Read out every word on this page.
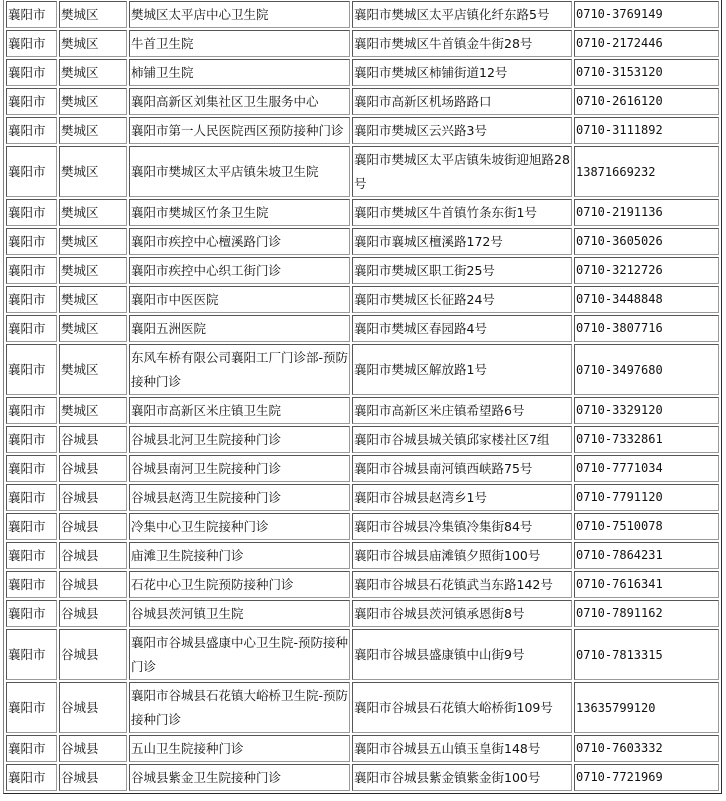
襄阳市	樊城区	樊城区太平店中心卫生院	襄阳市樊城区太平店镇化纤东路5号	0710-3769149
襄阳市	樊城区	牛首卫生院	襄阳市樊城区牛首镇金牛街28号	0710-2172446
襄阳市	樊城区	柿铺卫生院	襄阳市樊城区柿铺街道12号	0710-3153120
襄阳市	樊城区	襄阳高新区刘集社区卫生服务中心	襄阳市高新区机场路路口	0710-2616120
襄阳市	樊城区	襄阳市第一人民医院西区预防接种门诊	襄阳市樊城区云兴路3号	0710-3111892
襄阳市	樊城区	襄阳市樊城区太平店镇朱坡卫生院	襄阳市樊城区太平店镇朱坡街迎旭路28号	13871669232
襄阳市	樊城区	襄阳市樊城区竹条卫生院	襄阳市樊城区牛首镇竹条东街1号	0710-2191136
襄阳市	樊城区	襄阳市疾控中心檀溪路门诊	襄阳市襄城区檀溪路172号	0710-3605026
襄阳市	樊城区	襄阳市疾控中心织工街门诊	襄阳市樊城区职工街25号	0710-3212726
襄阳市	樊城区	襄阳市中医医院	襄阳市樊城区长征路24号	0710-3448848
襄阳市	樊城区	襄阳五洲医院	襄阳市樊城区春园路4号	0710-3807716
襄阳市	樊城区	东风车桥有限公司襄阳工厂门诊部-预防接种门诊	襄阳市樊城区解放路1号	0710-3497680
襄阳市	樊城区	襄阳市高新区米庄镇卫生院	襄阳市高新区米庄镇希望路6号	0710-3329120
襄阳市	谷城县	谷城县北河卫生院接种门诊	襄阳市谷城县城关镇邱家楼社区7组	0710-7332861
襄阳市	谷城县	谷城县南河卫生院接种门诊	襄阳市谷城县南河镇西峡路75号	0710-7771034
襄阳市	谷城县	谷城县赵湾卫生院接种门诊	襄阳市谷城县赵湾乡1号	0710-7791120
襄阳市	谷城县	冷集中心卫生院接种门诊	襄阳市谷城县冷集镇冷集街84号	0710-7510078
襄阳市	谷城县	庙滩卫生院接种门诊	襄阳市谷城县庙滩镇夕照街100号	0710-7864231
襄阳市	谷城县	石花中心卫生院预防接种门诊	襄阳市谷城县石花镇武当东路142号	0710-7616341
襄阳市	谷城县	谷城县茨河镇卫生院	襄阳市谷城县茨河镇承恩街8号	0710-7891162
襄阳市	谷城县	襄阳市谷城县盛康中心卫生院-预防接种门诊	襄阳市谷城县盛康镇中山街9号	0710-7813315
襄阳市	谷城县	襄阳市谷城县石花镇大峪桥卫生院-预防接种门诊	襄阳市谷城县石花镇大峪桥街109号	13635799120
襄阳市	谷城县	五山卫生院接种门诊	襄阳市谷城县五山镇玉皇街148号	0710-7603332
襄阳市	谷城县	谷城县紫金卫生院接种门诊	襄阳市谷城县紫金镇紫金街100号	0710-7721969
